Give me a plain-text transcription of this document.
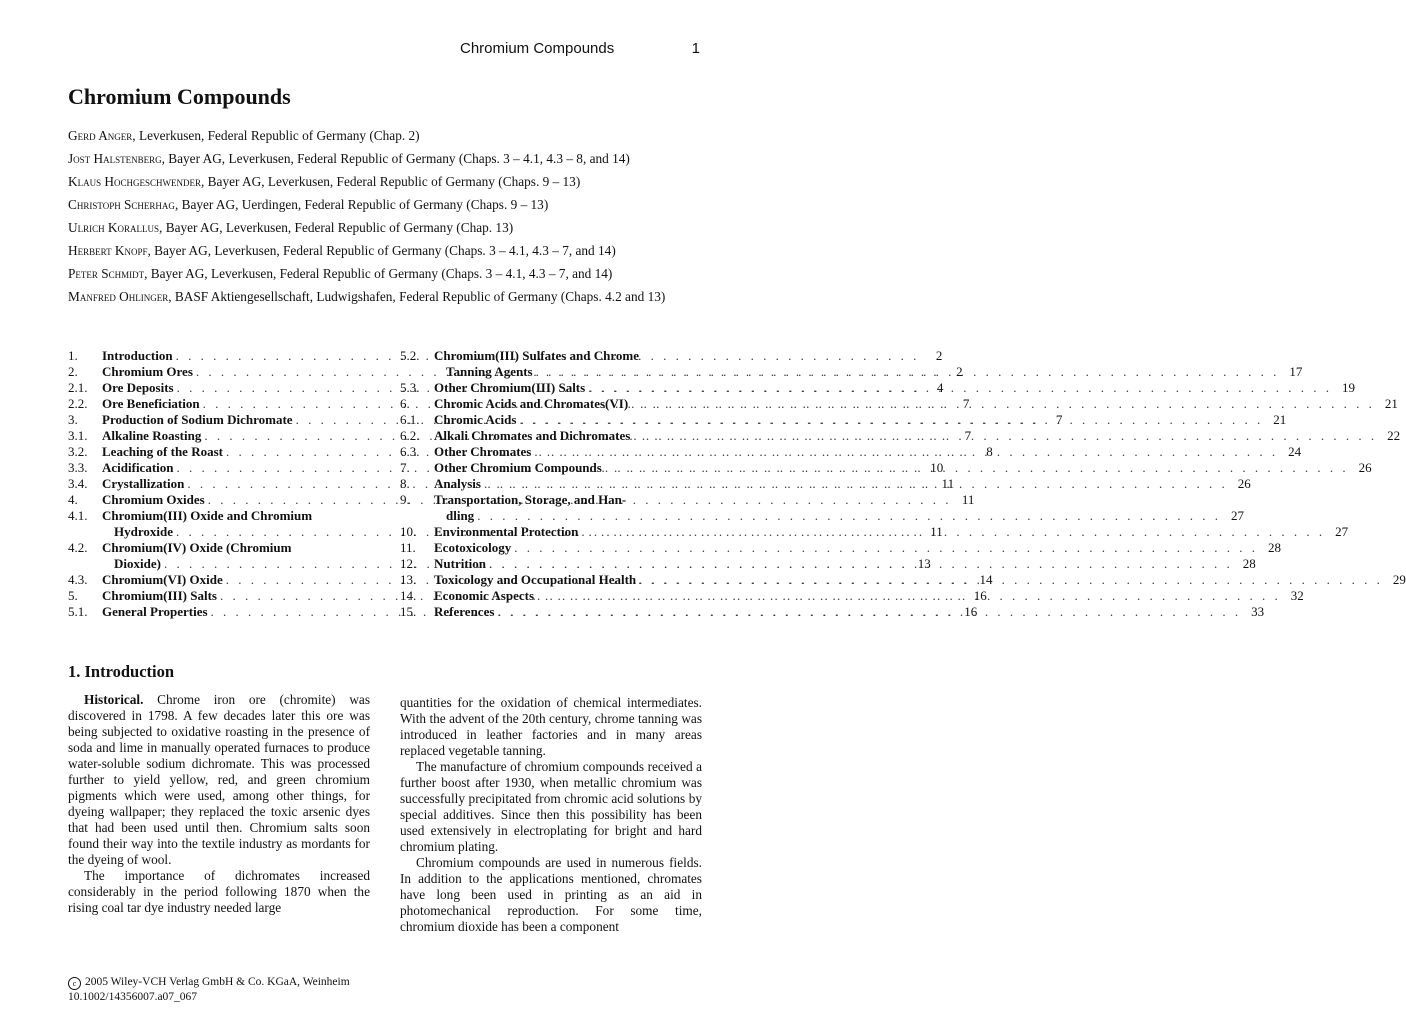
Chromium Compounds	1
Chromium Compounds

Gerd Anger, Leverkusen, Federal Republic of Germany (Chap. 2)

Jost Halstenberg, Bayer AG, Leverkusen, Federal Republic of Germany (Chaps. 3 – 4.1, 4.3 – 8, and 14)

Klaus Hochgeschwender, Bayer AG, Leverkusen, Federal Republic of Germany (Chaps. 9 – 13)

Christoph Scherhag, Bayer AG, Uerdingen, Federal Republic of Germany (Chaps. 9 – 13)

Ulrich Korallus, Bayer AG, Leverkusen, Federal Republic of Germany (Chap. 13)

Herbert Knopf, Bayer AG, Leverkusen, Federal Republic of Germany (Chaps. 3 – 4.1, 4.3 – 7, and 14)

Peter Schmidt, Bayer AG, Leverkusen, Federal Republic of Germany (Chaps. 3 – 4.1, 4.3 – 7, and 14)

Manfred Ohlinger, BASF Aktiengesellschaft, Ludwigshafen, Federal Republic of Germany (Chaps. 4.2 and 13)

1.	Introduction . . .	2
2.	Chromium Ores . . .	2
2.1.	Ore Deposits . . .	4
2.2.	Ore Beneficiation . . .	7
3.	Production of Sodium Dichromate . . .	7
3.1.	Alkaline Roasting . . .	7
3.2.	Leaching of the Roast . . .	8
3.3.	Acidification . . .	10
3.4.	Crystallization . . .	11
4.	Chromium Oxides . . .	11
4.1.	Chromium(III) Oxide and Chromium
Hydroxide . . .	11
4.2.	Chromium(IV) Oxide (Chromium
Dioxide) . . .	13
4.3.	Chromium(VI) Oxide . . .	14
5.	Chromium(III) Salts . . .	16
5.1.	General Properties . . .	16
5.2.	Chromium(III) Sulfates and Chrome
Tanning Agents . . .	17
5.3.	Other Chromium(III) Salts . . .	19
6.	Chromic Acids and Chromates(VI) . . .	21
6.1.	Chromic Acids . . .	21
6.2.	Alkali Chromates and Dichromates . . .	22
6.3.	Other Chromates . . .	24
7.	Other Chromium Compounds . . .	26
8.	Analysis . . .	26
9.	Transportation, Storage, and Han-
dling . . .	27
10.	Environmental Protection . . .	27
11.	Ecotoxicology . . .	28
12.	Nutrition . . .	28
13.	Toxicology and Occupational Health . . .	29
14.	Economic Aspects . . .	32
15.	References . . .	33
1. Introduction

Historical. Chrome iron ore (chromite) was discovered in 1798. A few decades later this ore was being subjected to oxidative roasting in the presence of soda and lime in manually operated furnaces to produce water-soluble sodium dichromate. This was processed further to yield yellow, red, and green chromium pigments which were used, among other things, for dyeing wallpaper; they replaced the toxic arsenic dyes that had been used until then. Chromium salts soon found their way into the textile industry as mordants for the dyeing of wool.

The importance of dichromates increased considerably in the period following 1870 when the rising coal tar dye industry needed large

quantities for the oxidation of chemical intermediates. With the advent of the 20th century, chrome tanning was introduced in leather factories and in many areas replaced vegetable tanning.

The manufacture of chromium compounds received a further boost after 1930, when metallic chromium was successfully precipitated from chromic acid solutions by special additives. Since then this possibility has been used extensively in electroplating for bright and hard chromium plating.

Chromium compounds are used in numerous fields. In addition to the applications mentioned, chromates have long been used in printing as an aid in photomechanical reproduction. For some time, chromium dioxide has been a component

c 2005 Wiley-VCH Verlag GmbH & Co. KGaA, Weinheim
10.1002/14356007.a07_067
